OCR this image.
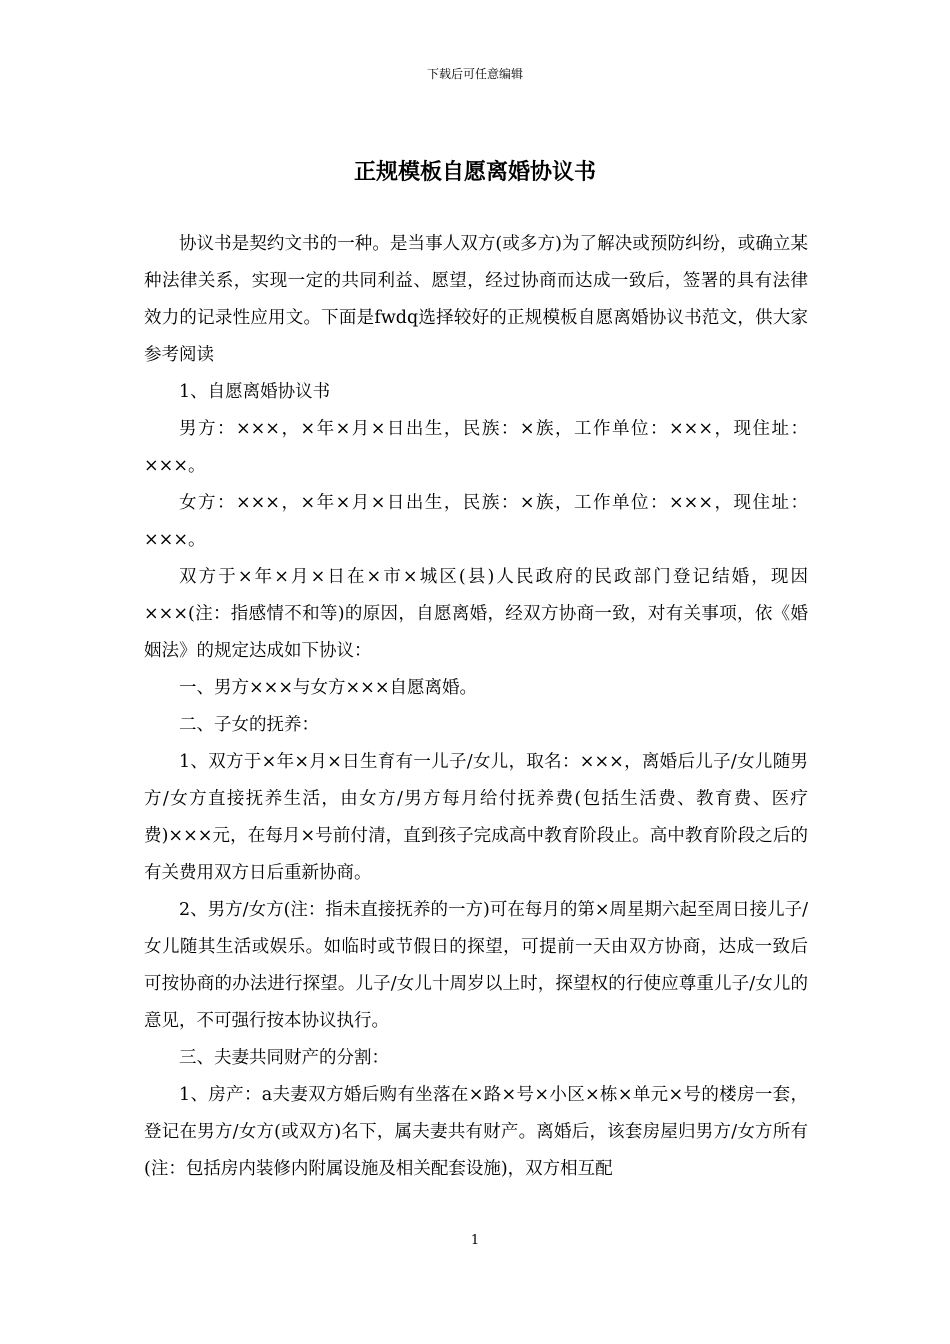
下载后可任意编辑
正规模板自愿离婚协议书

协议书是契约文书的一种。是当事人双方(或多方)为了解决或预防纠纷，或确立某种法律关系，实现一定的共同利益、愿望，经过协商而达成一致后，签署的具有法律效力的记录性应用文。下面是fwdq选择较好的正规模板自愿离婚协议书范文，供大家参考阅读

1、自愿离婚协议书

男方：×××，×年×月×日出生，民族：×族，工作单位：×××，现住址：×××。

女方：×××，×年×月×日出生，民族：×族，工作单位：×××，现住址：×××。

双方于×年×月×日在×市×城区(县)人民政府的民政部门登记结婚，现因×××(注：指感情不和等)的原因，自愿离婚，经双方协商一致，对有关事项，依《婚姻法》的规定达成如下协议：

一、男方×××与女方×××自愿离婚。

二、子女的抚养：

1、双方于×年×月×日生育有一儿子/女儿，取名：×××，离婚后儿子/女儿随男方/女方直接抚养生活，由女方/男方每月给付抚养费(包括生活费、教育费、医疗费)×××元，在每月×号前付清，直到孩子完成高中教育阶段止。高中教育阶段之后的有关费用双方日后重新协商。

2、男方/女方(注：指未直接抚养的一方)可在每月的第×周星期六起至周日接儿子/女儿随其生活或娱乐。如临时或节假日的探望，可提前一天由双方协商，达成一致后可按协商的办法进行探望。儿子/女儿十周岁以上时，探望权的行使应尊重儿子/女儿的意见，不可强行按本协议执行。

三、夫妻共同财产的分割：

1、房产：a夫妻双方婚后购有坐落在×路×号×小区×栋×单元×号的楼房一套，登记在男方/女方(或双方)名下，属夫妻共有财产。离婚后，该套房屋归男方/女方所有(注：包括房内装修内附属设施及相关配套设施)，双方相互配

1
